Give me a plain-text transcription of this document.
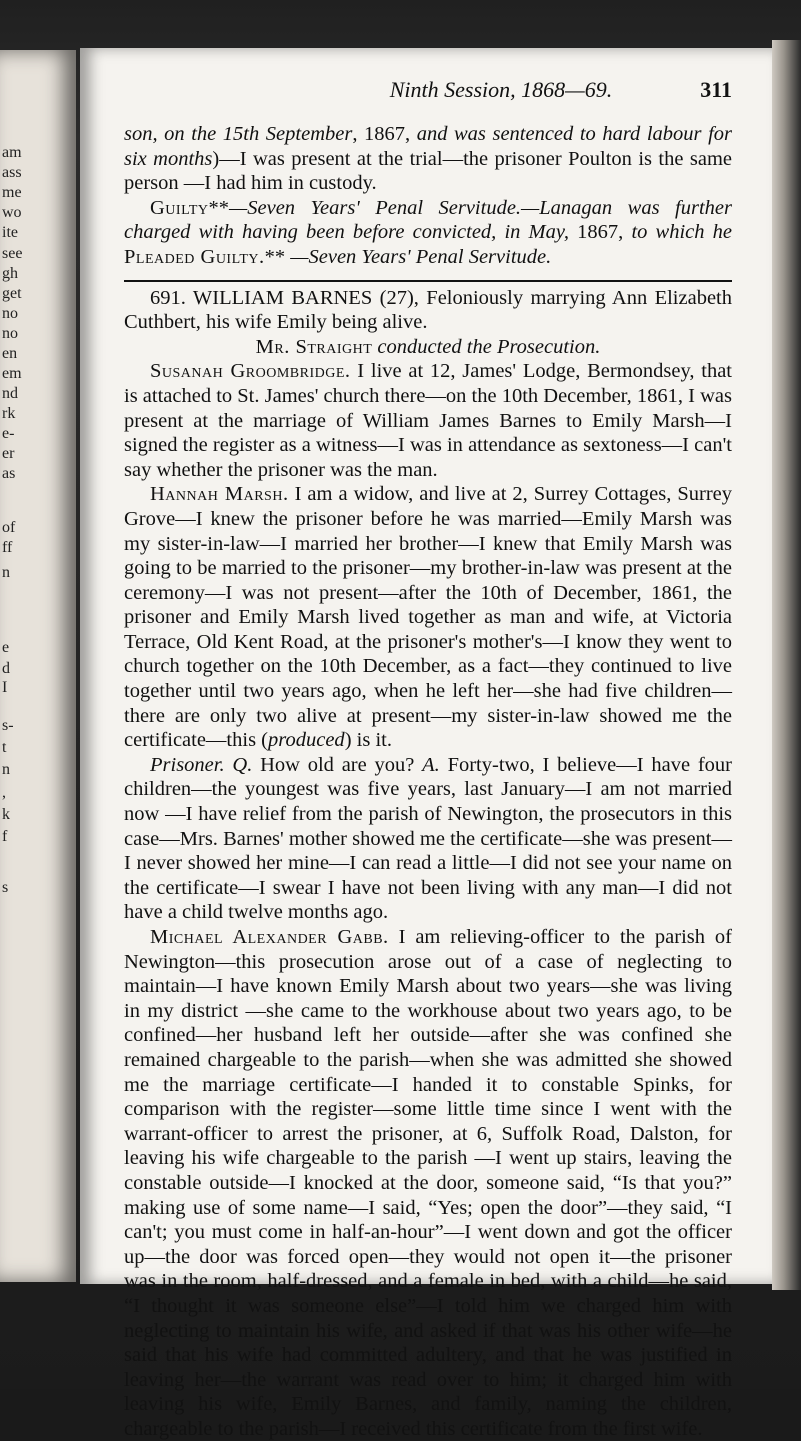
am
ass
me
wo
ite
see
gh
get
no
no
en
em
nd
rk
e-
er
as
of
ff
n
e
d
I
s-
t
n
,
k
f
s
Ninth Session, 1868—69.	311

son, on the 15th September, 1867, and was sentenced to hard labour for six months)—I was present at the trial—the prisoner Poulton is the same person —I had him in custody.

Guilty**—Seven Years' Penal Servitude.—Lanagan was further charged with having been before convicted, in May, 1867, to which he Pleaded Guilty.** —Seven Years' Penal Servitude.

691. WILLIAM BARNES (27), Feloniously marrying Ann Elizabeth Cuthbert, his wife Emily being alive.

Mr. Straight conducted the Prosecution.

Susanah Groombridge. I live at 12, James' Lodge, Bermondsey, that is attached to St. James' church there—on the 10th December, 1861, I was present at the marriage of William James Barnes to Emily Marsh—I signed the register as a witness—I was in attendance as sextoness—I can't say whether the prisoner was the man.

Hannah Marsh. I am a widow, and live at 2, Surrey Cottages, Surrey Grove—I knew the prisoner before he was married—Emily Marsh was my sister-in-law—I married her brother—I knew that Emily Marsh was going to be married to the prisoner—my brother-in-law was present at the ceremony—I was not present—after the 10th of December, 1861, the prisoner and Emily Marsh lived together as man and wife, at Victoria Terrace, Old Kent Road, at the prisoner's mother's—I know they went to church together on the 10th December, as a fact—they continued to live together until two years ago, when he left her—she had five children—there are only two alive at present—my sister-in-law showed me the certificate—this (produced) is it.

Prisoner. Q. How old are you? A. Forty-two, I believe—I have four children—the youngest was five years, last January—I am not married now —I have relief from the parish of Newington, the prosecutors in this case—Mrs. Barnes' mother showed me the certificate—she was present—I never showed her mine—I can read a little—I did not see your name on the certificate—I swear I have not been living with any man—I did not have a child twelve months ago.

Michael Alexander Gabb. I am relieving-officer to the parish of Newington—this prosecution arose out of a case of neglecting to maintain—I have known Emily Marsh about two years—she was living in my district —she came to the workhouse about two years ago, to be confined—her husband left her outside—after she was confined she remained chargeable to the parish—when she was admitted she showed me the marriage certificate—I handed it to constable Spinks, for comparison with the register—some little time since I went with the warrant-officer to arrest the prisoner, at 6, Suffolk Road, Dalston, for leaving his wife chargeable to the parish —I went up stairs, leaving the constable outside—I knocked at the door, someone said, “Is that you?” making use of some name—I said, “Yes; open the door”—they said, “I can't; you must come in half-an-hour”—I went down and got the officer up—the door was forced open—they would not open it—the prisoner was in the room, half-dressed, and a female in bed, with a child—he said, “I thought it was someone else”—I told him we charged him with neglecting to maintain his wife, and asked if that was his other wife—he said that his wife had committed adultery, and that he was justified in leaving her—the warrant was read over to him; it charged him with leaving his wife, Emily Barnes, and family, naming the children, chargeable to the parish—I received this certificate from the first wife.
